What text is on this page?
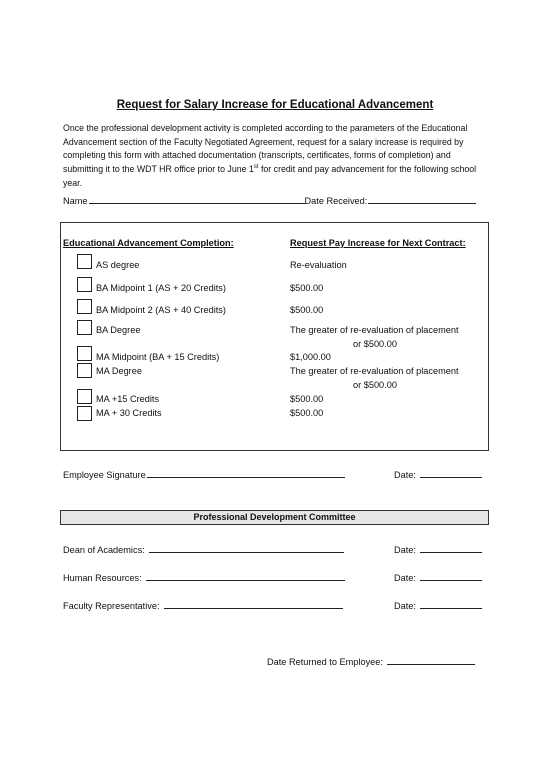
Request for Salary Increase for Educational Advancement
Once the professional development activity is completed according to the parameters of the Educational Advancement section of the Faculty Negotiated Agreement, request for a salary increase is required by completing this form with attached documentation (transcripts, certificates, forms of completion) and submitting it to the WDT HR office prior to June 1st for credit and pay advancement for the following school year.
Name	Date Received:
Educational Advancement Completion:	Request Pay Increase for Next Contract:
AS degree	Re-evaluation
BA Midpoint 1 (AS + 20 Credits)	$500.00
BA Midpoint 2 (AS + 40 Credits)	$500.00
BA Degree	The greater of re-evaluation of placement
or $500.00
MA Midpoint (BA + 15 Credits)	$1,000.00
MA Degree	The greater of re-evaluation of placement
or $500.00
MA +15 Credits	$500.00
MA + 30 Credits	$500.00
Employee Signature	Date:
Professional Development Committee
Dean of Academics:	Date:
Human Resources:	Date:
Faculty Representative:	Date:
Date Returned to Employee:
